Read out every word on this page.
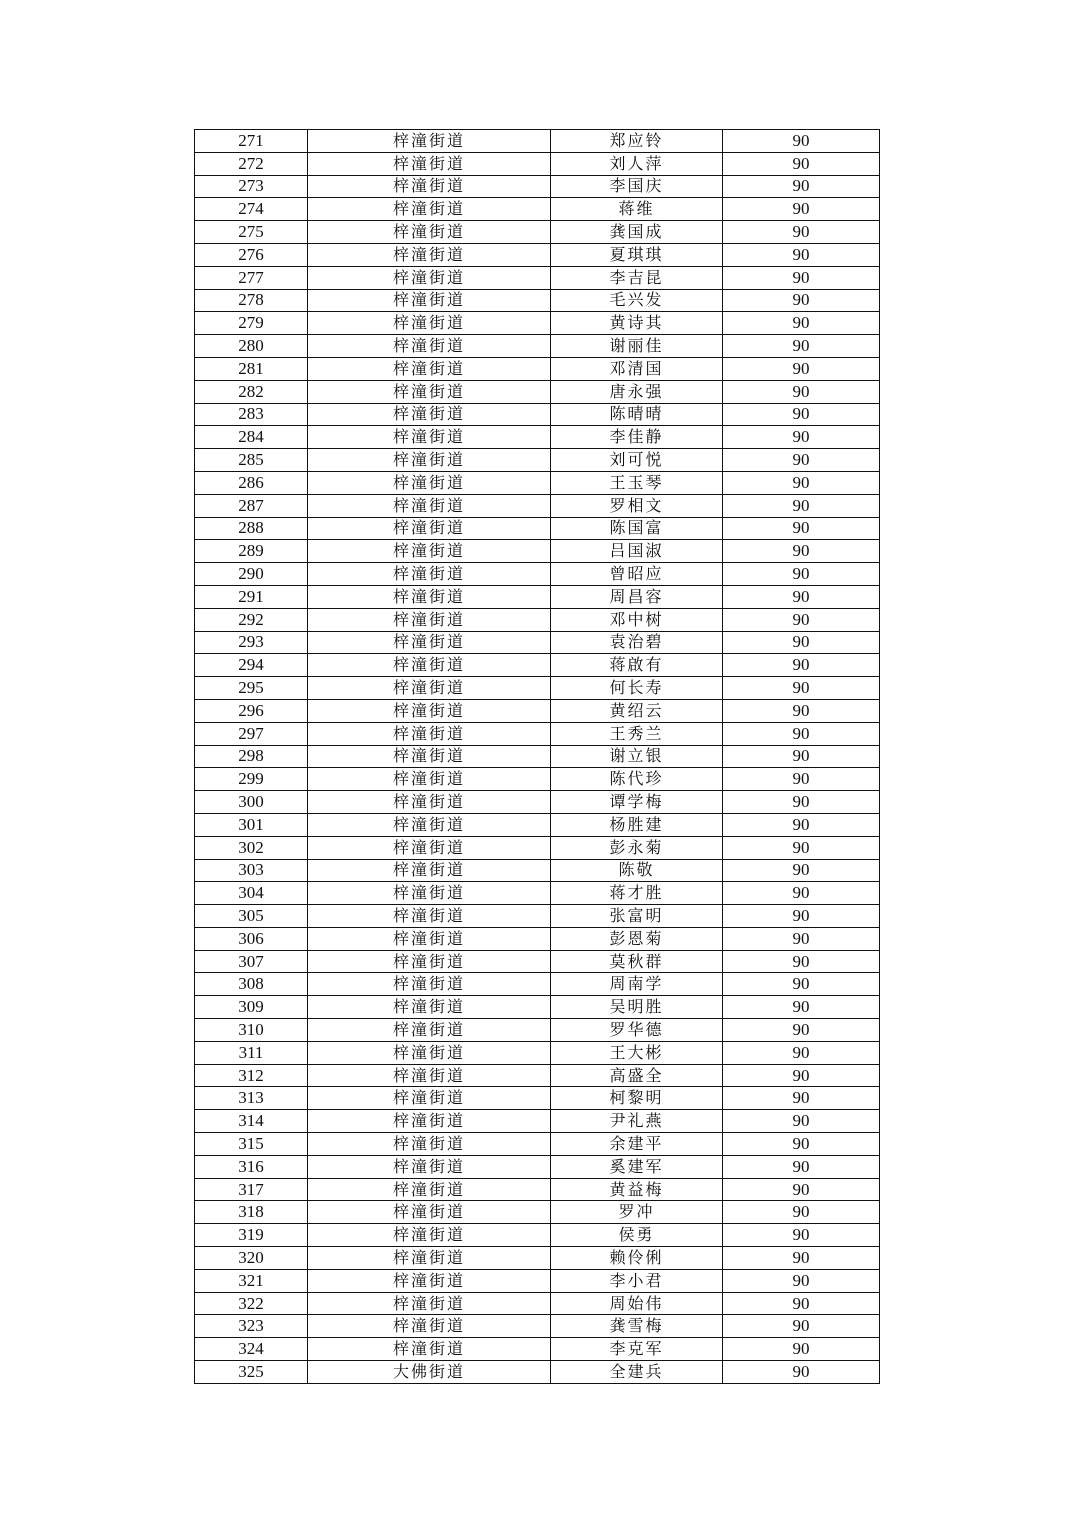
271	梓潼街道	郑应铃	90
272	梓潼街道	刘人萍	90
273	梓潼街道	李国庆	90
274	梓潼街道	蒋维	90
275	梓潼街道	龚国成	90
276	梓潼街道	夏琪琪	90
277	梓潼街道	李吉昆	90
278	梓潼街道	毛兴发	90
279	梓潼街道	黄诗其	90
280	梓潼街道	谢丽佳	90
281	梓潼街道	邓清国	90
282	梓潼街道	唐永强	90
283	梓潼街道	陈晴晴	90
284	梓潼街道	李佳静	90
285	梓潼街道	刘可悦	90
286	梓潼街道	王玉琴	90
287	梓潼街道	罗相文	90
288	梓潼街道	陈国富	90
289	梓潼街道	吕国淑	90
290	梓潼街道	曾昭应	90
291	梓潼街道	周昌容	90
292	梓潼街道	邓中树	90
293	梓潼街道	袁治碧	90
294	梓潼街道	蒋啟有	90
295	梓潼街道	何长寿	90
296	梓潼街道	黄绍云	90
297	梓潼街道	王秀兰	90
298	梓潼街道	谢立银	90
299	梓潼街道	陈代珍	90
300	梓潼街道	谭学梅	90
301	梓潼街道	杨胜建	90
302	梓潼街道	彭永菊	90
303	梓潼街道	陈敬	90
304	梓潼街道	蒋才胜	90
305	梓潼街道	张富明	90
306	梓潼街道	彭恩菊	90
307	梓潼街道	莫秋群	90
308	梓潼街道	周南学	90
309	梓潼街道	吴明胜	90
310	梓潼街道	罗华德	90
311	梓潼街道	王大彬	90
312	梓潼街道	高盛全	90
313	梓潼街道	柯黎明	90
314	梓潼街道	尹礼燕	90
315	梓潼街道	余建平	90
316	梓潼街道	奚建军	90
317	梓潼街道	黄益梅	90
318	梓潼街道	罗冲	90
319	梓潼街道	侯勇	90
320	梓潼街道	赖伶俐	90
321	梓潼街道	李小君	90
322	梓潼街道	周始伟	90
323	梓潼街道	龚雪梅	90
324	梓潼街道	李克军	90
325	大佛街道	全建兵	90
